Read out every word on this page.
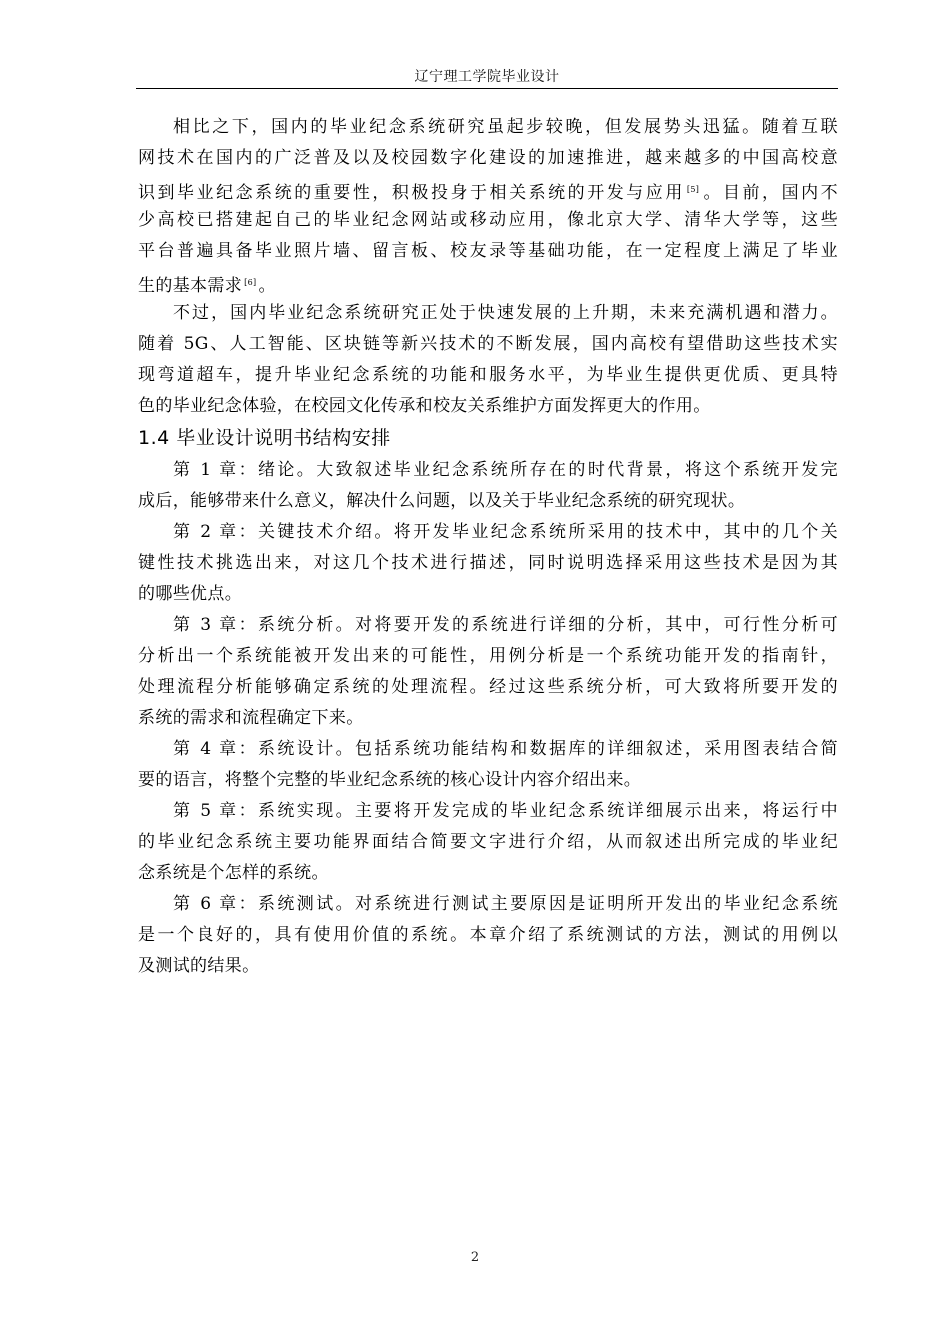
辽宁理工学院毕业设计
相比之下，国内的毕业纪念系统研究虽起步较晚，但发展势头迅猛。随着互联
网技术在国内的广泛普及以及校园数字化建设的加速推进，越来越多的中国高校意
识到毕业纪念系统的重要性，积极投身于相关系统的开发与应用 [5] 。目前，国内不
少高校已搭建起自己的毕业纪念网站或移动应用，像北京大学、清华大学等，这些
平台普遍具备毕业照片墙、留言板、校友录等基础功能，在一定程度上满足了毕业
生的基本需求 [6] 。
不过，国内毕业纪念系统研究正处于快速发展的上升期，未来充满机遇和潜力。
随着 5G、人工智能、区块链等新兴技术的不断发展，国内高校有望借助这些技术实
现弯道超车，提升毕业纪念系统的功能和服务水平，为毕业生提供更优质、更具特
色的毕业纪念体验，在校园文化传承和校友关系维护方面发挥更大的作用。
1.4 毕业设计说明书结构安排
第 1 章：绪论。大致叙述毕业纪念系统所存在的时代背景，将这个系统开发完
成后，能够带来什么意义，解决什么问题，以及关于毕业纪念系统的研究现状。
第 2 章：关键技术介绍。将开发毕业纪念系统所采用的技术中，其中的几个关
键性技术挑选出来，对这几个技术进行描述，同时说明选择采用这些技术是因为其
的哪些优点。
第 3 章：系统分析。对将要开发的系统进行详细的分析，其中，可行性分析可
分析出一个系统能被开发出来的可能性，用例分析是一个系统功能开发的指南针，
处理流程分析能够确定系统的处理流程。经过这些系统分析，可大致将所要开发的
系统的需求和流程确定下来。
第 4 章：系统设计。包括系统功能结构和数据库的详细叙述，采用图表结合简
要的语言，将整个完整的毕业纪念系统的核心设计内容介绍出来。
第 5 章：系统实现。主要将开发完成的毕业纪念系统详细展示出来，将运行中
的毕业纪念系统主要功能界面结合简要文字进行介绍，从而叙述出所完成的毕业纪
念系统是个怎样的系统。
第 6 章：系统测试。对系统进行测试主要原因是证明所开发出的毕业纪念系统
是一个良好的，具有使用价值的系统。本章介绍了系统测试的方法，测试的用例以
及测试的结果。
2
